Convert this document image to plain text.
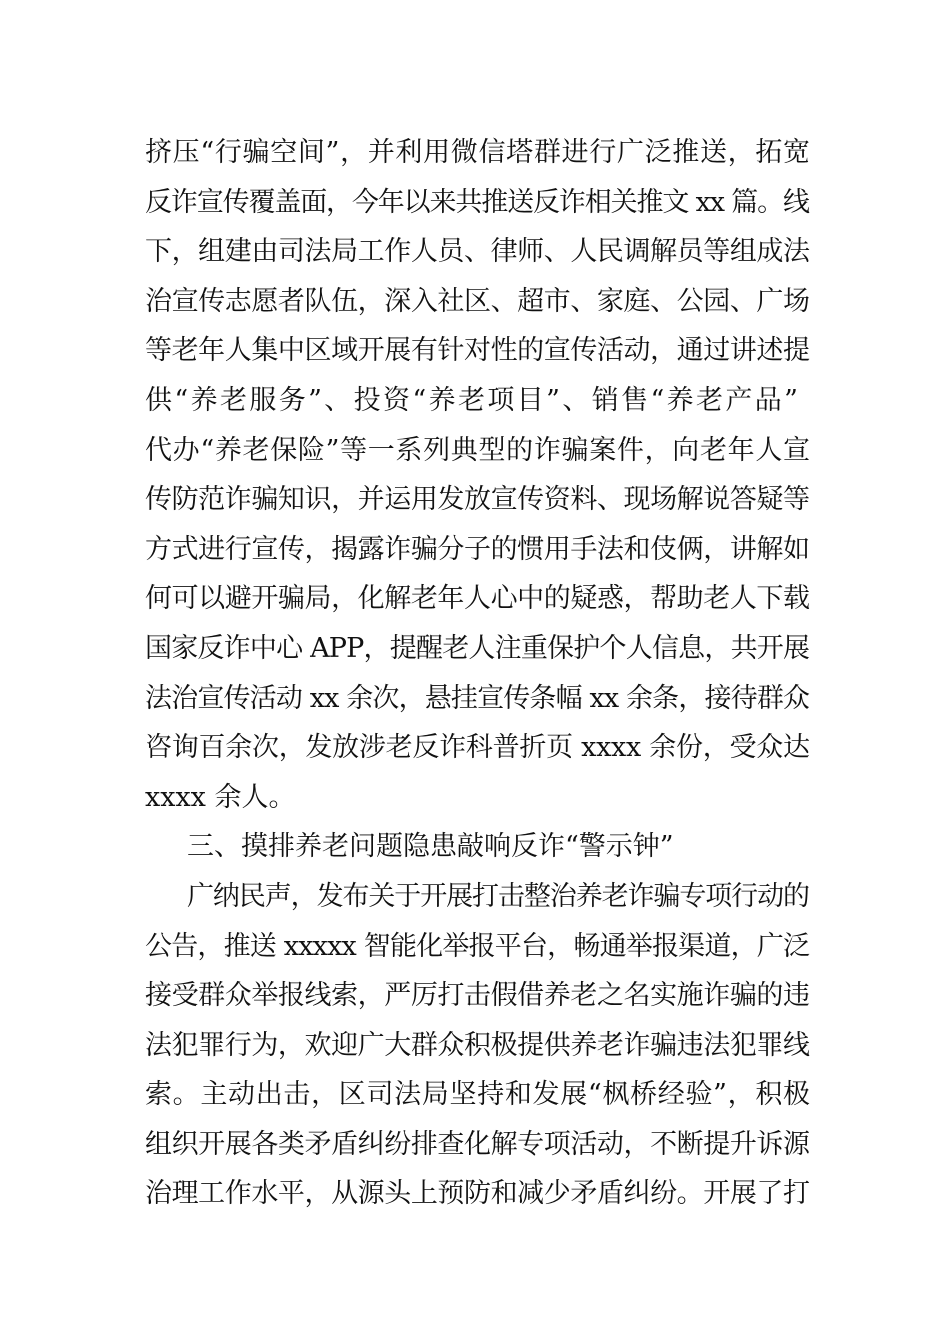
挤压“行骗空间”，并利用微信塔群进行广泛推送，拓宽
反诈宣传覆盖面，今年以来共推送反诈相关推文 xx 篇。线
下，组建由司法局工作人员、律师、人民调解员等组成法
治宣传志愿者队伍，深入社区、超市、家庭、公园、广场
等老年人集中区域开展有针对性的宣传活动，通过讲述提
供“养老服务”、投资“养老项目”、销售“养老产品”
代办“养老保险”等一系列典型的诈骗案件，向老年人宣
传防范诈骗知识，并运用发放宣传资料、现场解说答疑等
方式进行宣传，揭露诈骗分子的惯用手法和伎俩，讲解如
何可以避开骗局，化解老年人心中的疑惑，帮助老人下载
国家反诈中心 APP，提醒老人注重保护个人信息，共开展
法治宣传活动 xx 余次，悬挂宣传条幅 xx 余条，接待群众
咨询百余次，发放涉老反诈科普折页 xxxx 余份，受众达
xxxx 余人。
三、摸排养老问题隐患敲响反诈“警示钟”
广纳民声，发布关于开展打击整治养老诈骗专项行动的
公告，推送 xxxxx 智能化举报平台，畅通举报渠道，广泛
接受群众举报线索，严厉打击假借养老之名实施诈骗的违
法犯罪行为，欢迎广大群众积极提供养老诈骗违法犯罪线
索。主动出击，区司法局坚持和发展“枫桥经验”，积极
组织开展各类矛盾纠纷排查化解专项活动，不断提升诉源
治理工作水平，从源头上预防和减少矛盾纠纷。开展了打
